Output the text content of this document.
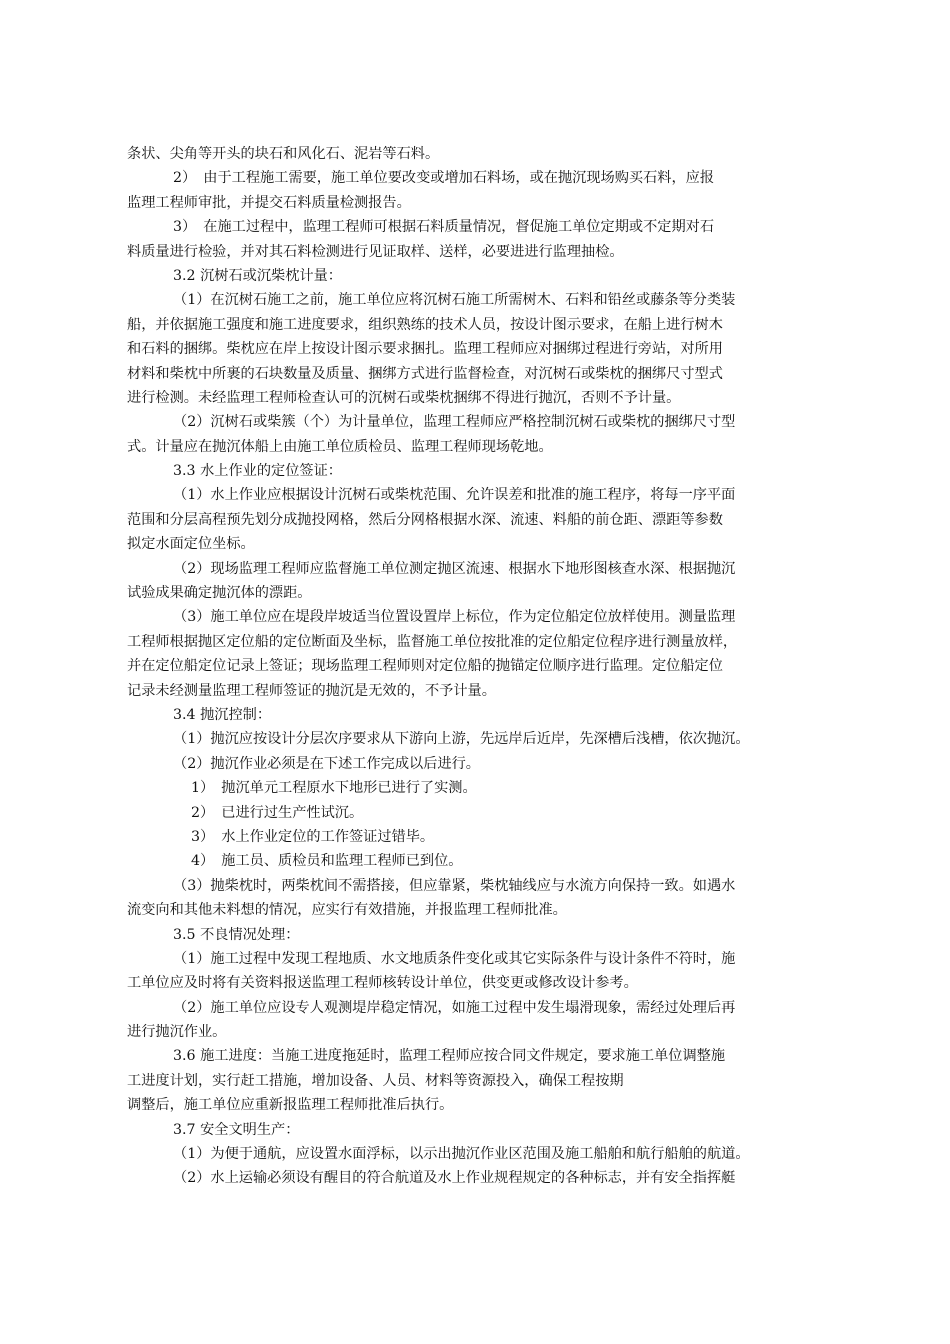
条状、尖角等开头的块石和风化石、泥岩等石料。
2）　由于工程施工需要，施工单位要改变或增加石料场，或在抛沉现场购买石料，应报
监理工程师审批，并提交石料质量检测报告。
3）　在施工过程中，监理工程师可根据石料质量情况，督促施工单位定期或不定期对石
料质量进行检验，并对其石料检测进行见证取样、送样，必要进进行监理抽检。
3.2 沉树石或沉柴枕计量：
（1）在沉树石施工之前，施工单位应将沉树石施工所需树木、石料和铅丝或藤条等分类装
船，并依据施工强度和施工进度要求，组织熟练的技术人员，按设计图示要求，在船上进行树木
和石料的捆绑。柴枕应在岸上按设计图示要求捆扎。监理工程师应对捆绑过程进行旁站，对所用
材料和柴枕中所裹的石块数量及质量、捆绑方式进行监督检查，对沉树石或柴枕的捆绑尺寸型式
进行检测。未经监理工程师检查认可的沉树石或柴枕捆绑不得进行抛沉，否则不予计量。
（2）沉树石或柴簇（个）为计量单位，监理工程师应严格控制沉树石或柴枕的捆绑尺寸型
式。计量应在抛沉体船上由施工单位质检员、监理工程师现场乾地。
3.3 水上作业的定位签证：
（1）水上作业应根据设计沉树石或柴枕范围、允许误差和批准的施工程序，将每一序平面
范围和分层高程预先划分成抛投网格，然后分网格根据水深、流速、料船的前仓距、漂距等参数
拟定水面定位坐标。
（2）现场监理工程师应监督施工单位测定抛区流速、根据水下地形图核查水深、根据抛沉
试验成果确定抛沉体的漂距。
（3）施工单位应在堤段岸坡适当位置设置岸上标位，作为定位船定位放样使用。测量监理
工程师根据抛区定位船的定位断面及坐标，监督施工单位按批准的定位船定位程序进行测量放样，
并在定位船定位记录上签证；现场监理工程师则对定位船的抛锚定位顺序进行监理。定位船定位
记录未经测量监理工程师签证的抛沉是无效的，不予计量。
3.4 抛沉控制：
（1）抛沉应按设计分层次序要求从下游向上游，先远岸后近岸，先深槽后浅槽，依次抛沉。
（2）抛沉作业必须是在下述工作完成以后进行。
1）　抛沉单元工程原水下地形已进行了实测。
2）　已进行过生产性试沉。
3）　水上作业定位的工作签证过错毕。
4）　施工员、质检员和监理工程师已到位。
（3）抛柴枕时，两柴枕间不需搭接，但应靠紧，柴枕轴线应与水流方向保持一致。如遇水
流变向和其他未料想的情况，应实行有效措施，并报监理工程师批准。
3.5 不良情况处理：
（1）施工过程中发现工程地质、水文地质条件变化或其它实际条件与设计条件不符时，施
工单位应及时将有关资料报送监理工程师核转设计单位，供变更或修改设计参考。
（2）施工单位应设专人观测堤岸稳定情况，如施工过程中发生塌滑现象，需经过处理后再
进行抛沉作业。
3.6 施工进度：当施工进度拖延时，监理工程师应按合同文件规定，要求施工单位调整施
工进度计划，实行赶工措施，增加设备、人员、材料等资源投入，确保工程按期
调整后，施工单位应重新报监理工程师批准后执行。
3.7 安全文明生产：
（1）为便于通航，应设置水面浮标，以示出抛沉作业区范围及施工船舶和航行船舶的航道。
（2）水上运输必须设有醒目的符合航道及水上作业规程规定的各种标志，并有安全指挥艇
